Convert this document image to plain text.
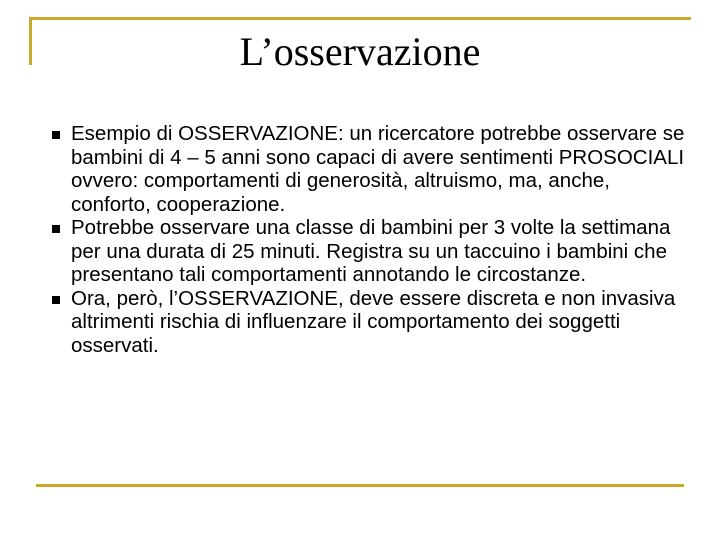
L’osservazione
Esempio di OSSERVAZIONE: un ricercatore potrebbe osservare se bambini di 4 – 5 anni sono capaci di avere sentimenti PROSOCIALI ovvero: comportamenti di generosità, altruismo, ma, anche, conforto, cooperazione.
Potrebbe osservare una classe di bambini per 3 volte la settimana per una durata di 25 minuti. Registra su un taccuino i bambini che presentano tali comportamenti annotando le circostanze.
Ora, però, l’OSSERVAZIONE, deve essere discreta e non invasiva altrimenti rischia di influenzare il comportamento dei soggetti osservati.
